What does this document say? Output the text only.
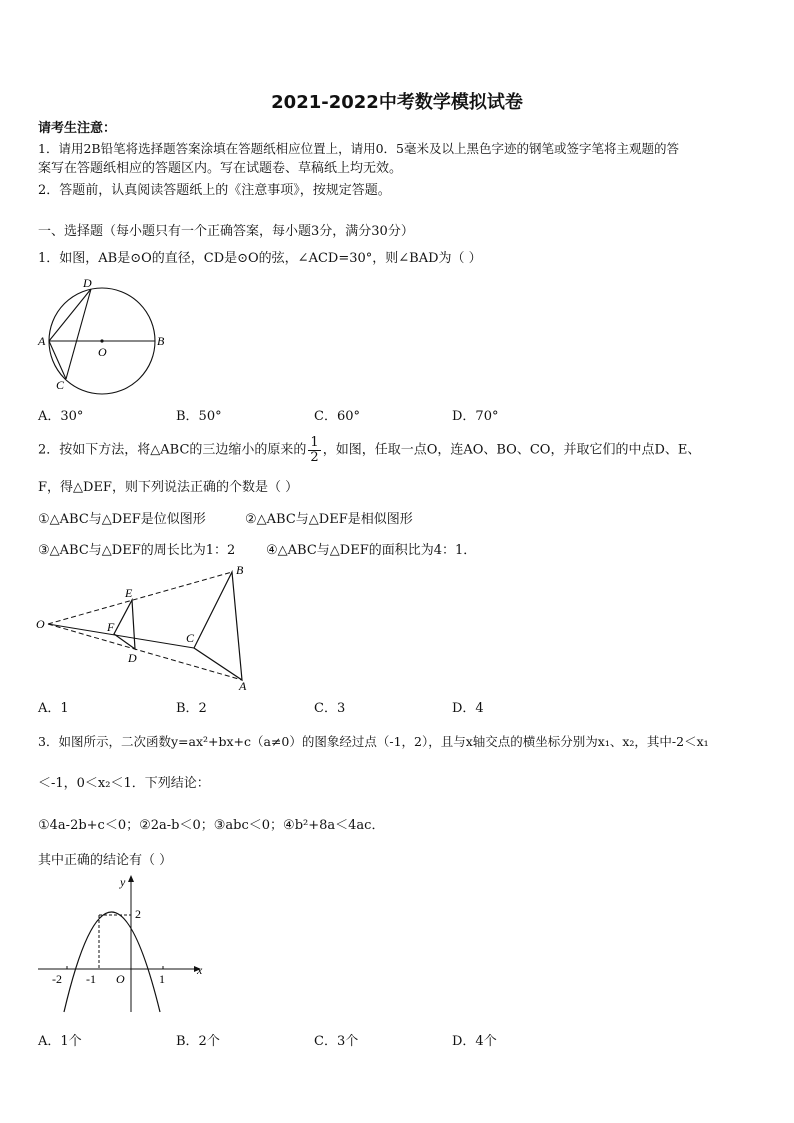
2021-2022中考数学模拟试卷
请考生注意：
1．请用2B铅笔将选择题答案涂填在答题纸相应位置上，请用0．5毫米及以上黑色字迹的钢笔或签字笔将主观题的答
案写在答题纸相应的答题区内。写在试题卷、草稿纸上均无效。
2．答题前，认真阅读答题纸上的《注意事项》，按规定答题。
一、选择题（每小题只有一个正确答案，每小题3分，满分30分）
1．如图，AB是⊙O的直径，CD是⊙O的弦，∠ACD=30°，则∠BAD为（ ）
A	B
C
D
O
A．30°	B．50°	C．60°	D．70°
2．按如下方法，将△ABC的三边缩小的原来的 $\frac{1}{2}$ ，如图，任取一点O，连AO、BO、CO，并取它们的中点D、E、
F，得△DEF，则下列说法正确的个数是（ ）
①△ABC与△DEF是位似图形	②△ABC与△DEF是相似图形
③△ABC与△DEF的周长比为1：2 ④△ABC与△DEF的面积比为4：1．
O
E
F
D
C
B
A
A．1	B．2	C．3	D．4
3．如图所示，二次函数y=ax²+bx+c（a≠0）的图象经过点（-1，2），且与x轴交点的横坐标分别为x₁、x₂，其中-2＜x₁
＜-1，0＜x₂＜1．下列结论：
①4a-2b+c＜0；②2a-b＜0；③abc＜0；④b²+8a＜4ac．
其中正确的结论有（ ）
y
x
2
-2 -1 O	1
A．1个	B．2个	C．3个	D．4个
